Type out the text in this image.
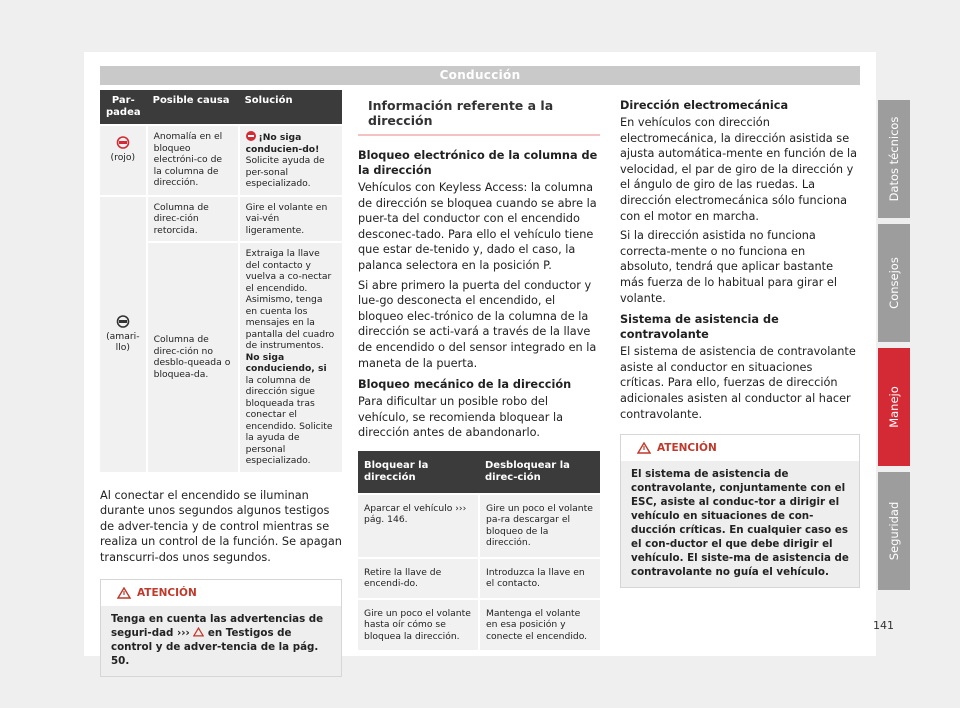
Conducción
Par-
padea	Posible causa	Solución

(rojo)	Anomalía en el bloqueo electróni-co de la columna de dirección.	¡No siga conducien-do!
Solicite ayuda de per-sonal especializado.

(amari-llo)	Columna de direc-ción retorcida.	Gire el volante en vai-vén ligeramente.
	Columna de direc-ción no desblo-queada o bloquea-da.	Extraiga la llave del contacto y vuelva a co-nectar el encendido. Asimismo, tenga en cuenta los mensajes en la pantalla del cuadro de instrumentos.
No siga conduciendo, si la columna de dirección sigue bloqueada tras conectar el encendido. Solicite la ayuda de personal especializado.

Al conectar el encendido se iluminan durante unos segundos algunos testigos de adver-tencia y de control mientras se realiza un control de la función. Se apagan transcurri-dos unos segundos.

ATENCIÓN
Tenga en cuenta las advertencias de seguri-dad ››› en Testigos de control y de adver-tencia de la pág. 50.
Información referente a la dirección
Bloqueo electrónico de la columna de la dirección

Vehículos con Keyless Access: la columna de dirección se bloquea cuando se abre la puer-ta del conductor con el encendido desconec-tado. Para ello el vehículo tiene que estar de-tenido y, dado el caso, la palanca selectora en la posición P.

Si abre primero la puerta del conductor y lue-go desconecta el encendido, el bloqueo elec-trónico de la columna de la dirección se acti-vará a través de la llave de encendido o del sensor integrado en la maneta de la puerta.

Bloqueo mecánico de la dirección

Para dificultar un posible robo del vehículo, se recomienda bloquear la dirección antes de abandonarlo.

Bloquear la dirección	Desbloquear la direc-ción
Aparcar el vehículo ››› pág. 146.	Gire un poco el volante pa-ra descargar el bloqueo de la dirección.
Retire la llave de encendi-do.	Introduzca la llave en el contacto.
Gire un poco el volante hasta oír cómo se bloquea la dirección.	Mantenga el volante en esa posición y conecte el encendido.
Dirección electromecánica

En vehículos con dirección electromecánica, la dirección asistida se ajusta automática-mente en función de la velocidad, el par de giro de la dirección y el ángulo de giro de las ruedas. La dirección electromecánica sólo funciona con el motor en marcha.

Si la dirección asistida no funciona correcta-mente o no funciona en absoluto, tendrá que aplicar bastante más fuerza de lo habitual para girar el volante.

Sistema de asistencia de contravolante

El sistema de asistencia de contravolante asiste al conductor en situaciones críticas. Para ello, fuerzas de dirección adicionales asisten al conductor al hacer contravolante.

ATENCIÓN
El sistema de asistencia de contravolante, conjuntamente con el ESC, asiste al conduc-tor a dirigir el vehículo en situaciones de con-ducción críticas. En cualquier caso es el con-ductor el que debe dirigir el vehículo. El siste-ma de asistencia de contravolante no guía el vehículo.
Datos técnicos
Consejos
Manejo
Seguridad
141
